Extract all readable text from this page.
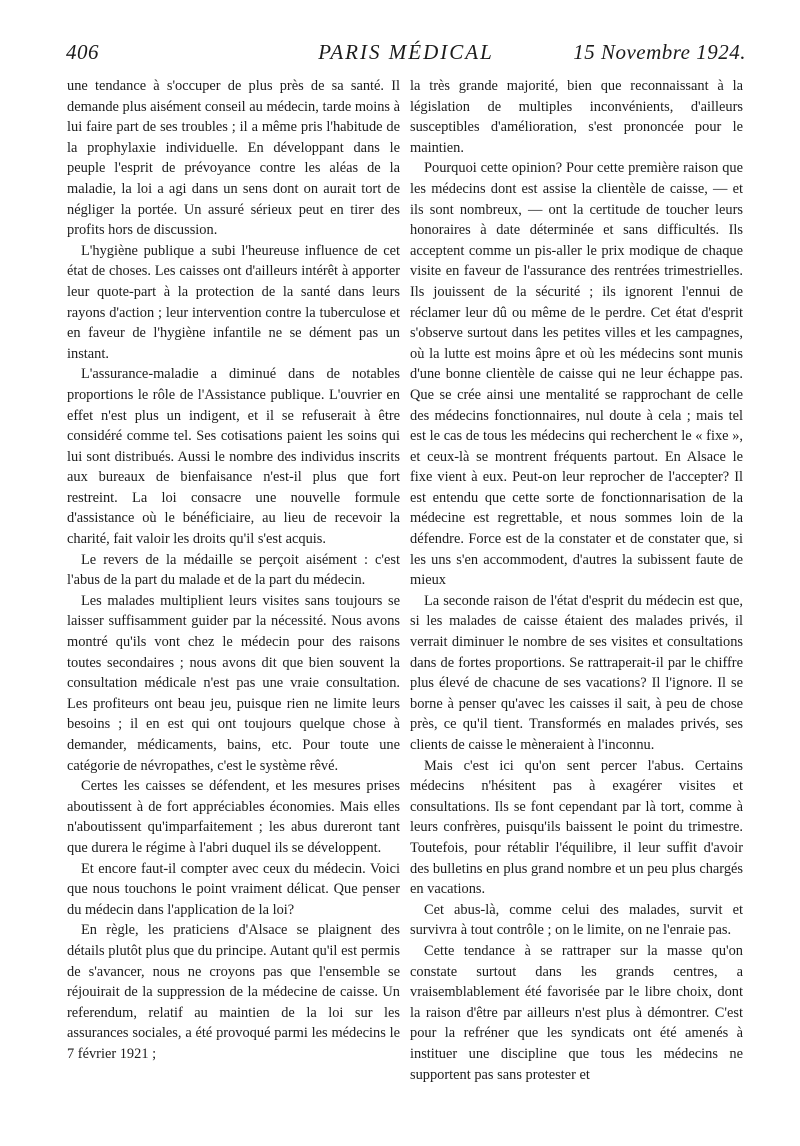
406	PARIS MÉDICAL	15 Novembre 1924.

une tendance à s'occuper de plus près de sa santé. Il demande plus aisément conseil au médecin, tarde moins à lui faire part de ses troubles ; il a même pris l'habitude de la prophylaxie individuelle. En développant dans le peuple l'esprit de prévoyance contre les aléas de la maladie, la loi a agi dans un sens dont on aurait tort de négliger la portée. Un assuré sérieux peut en tirer des profits hors de discussion.

L'hygiène publique a subi l'heureuse influence de cet état de choses. Les caisses ont d'ailleurs intérêt à apporter leur quote-part à la protection de la santé dans leurs rayons d'action ; leur intervention contre la tuberculose et en faveur de l'hygiène infantile ne se dément pas un instant.

L'assurance-maladie a diminué dans de notables proportions le rôle de l'Assistance publique. L'ouvrier en effet n'est plus un indigent, et il se refuserait à être considéré comme tel. Ses cotisations paient les soins qui lui sont distribués. Aussi le nombre des individus inscrits aux bureaux de bienfaisance n'est-il plus que fort restreint. La loi consacre une nouvelle formule d'assistance où le bénéficiaire, au lieu de recevoir la charité, fait valoir les droits qu'il s'est acquis.

Le revers de la médaille se perçoit aisément : c'est l'abus de la part du malade et de la part du médecin.

Les malades multiplient leurs visites sans toujours se laisser suffisamment guider par la nécessité. Nous avons montré qu'ils vont chez le médecin pour des raisons toutes secondaires ; nous avons dit que bien souvent la consultation médicale n'est pas une vraie consultation. Les profiteurs ont beau jeu, puisque rien ne limite leurs besoins ; il en est qui ont toujours quelque chose à demander, médicaments, bains, etc. Pour toute une catégorie de névropathes, c'est le système rêvé.

Certes les caisses se défendent, et les mesures prises aboutissent à de fort appréciables économies. Mais elles n'aboutissent qu'imparfaitement ; les abus dureront tant que durera le régime à l'abri duquel ils se développent.

Et encore faut-il compter avec ceux du médecin. Voici que nous touchons le point vraiment délicat. Que penser du médecin dans l'application de la loi?

En règle, les praticiens d'Alsace se plaignent des détails plutôt plus que du principe. Autant qu'il est permis de s'avancer, nous ne croyons pas que l'ensemble se réjouirait de la suppression de la médecine de caisse. Un referendum, relatif au maintien de la loi sur les assurances sociales, a été provoqué parmi les médecins le 7 février 1921 ;

la très grande majorité, bien que reconnaissant à la législation de multiples inconvénients, d'ailleurs susceptibles d'amélioration, s'est prononcée pour le maintien.

Pourquoi cette opinion? Pour cette première raison que les médecins dont est assise la clientèle de caisse, — et ils sont nombreux, — ont la certitude de toucher leurs honoraires à date déterminée et sans difficultés. Ils acceptent comme un pis-aller le prix modique de chaque visite en faveur de l'assurance des rentrées trimestrielles. Ils jouissent de la sécurité ; ils ignorent l'ennui de réclamer leur dû ou même de le perdre. Cet état d'esprit s'observe surtout dans les petites villes et les campagnes, où la lutte est moins âpre et où les médecins sont munis d'une bonne clientèle de caisse qui ne leur échappe pas. Que se crée ainsi une mentalité se rapprochant de celle des médecins fonctionnaires, nul doute à cela ; mais tel est le cas de tous les médecins qui recherchent le « fixe », et ceux-là se montrent fréquents partout. En Alsace le fixe vient à eux. Peut-on leur reprocher de l'accepter? Il est entendu que cette sorte de fonctionnarisation de la médecine est regrettable, et nous sommes loin de la défendre. Force est de la constater et de constater que, si les uns s'en accommodent, d'autres la subissent faute de mieux

La seconde raison de l'état d'esprit du médecin est que, si les malades de caisse étaient des malades privés, il verrait diminuer le nombre de ses visites et consultations dans de fortes proportions. Se rattraperait-il par le chiffre plus élevé de chacune de ses vacations? Il l'ignore. Il se borne à penser qu'avec les caisses il sait, à peu de chose près, ce qu'il tient. Transformés en malades privés, ses clients de caisse le mèneraient à l'inconnu.

Mais c'est ici qu'on sent percer l'abus. Certains médecins n'hésitent pas à exagérer visites et consultations. Ils se font cependant par là tort, comme à leurs confrères, puisqu'ils baissent le point du trimestre. Toutefois, pour rétablir l'équilibre, il leur suffit d'avoir des bulletins en plus grand nombre et un peu plus chargés en vacations.

Cet abus-là, comme celui des malades, survit et survivra à tout contrôle ; on le limite, on ne l'enraie pas.

Cette tendance à se rattraper sur la masse qu'on constate surtout dans les grands centres, a vraisemblablement été favorisée par le libre choix, dont la raison d'être par ailleurs n'est plus à démontrer. C'est pour la refréner que les syndicats ont été amenés à instituer une discipline que tous les médecins ne supportent pas sans protester et
